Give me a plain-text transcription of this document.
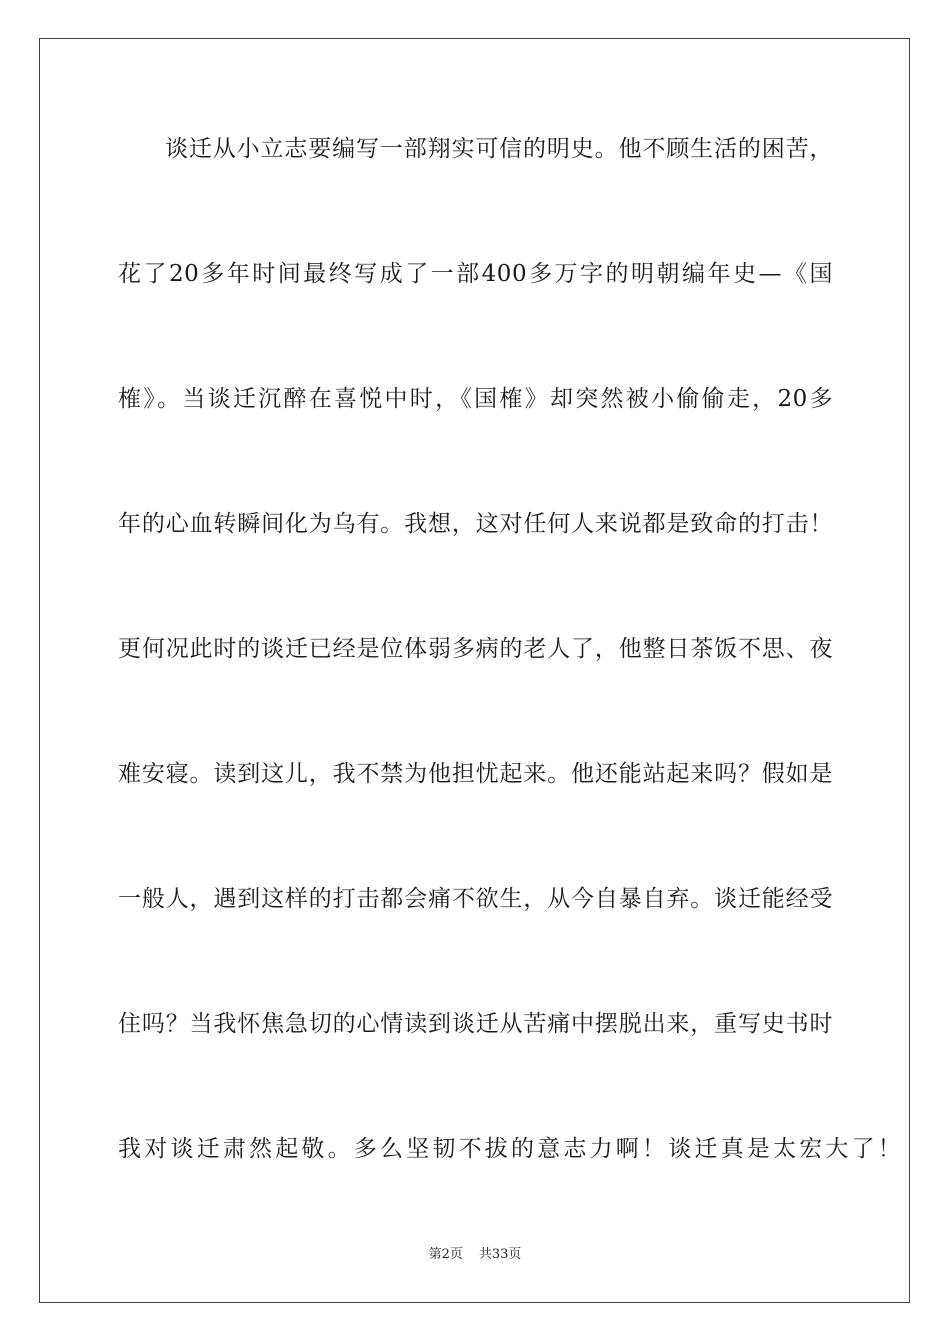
谈迁从小立志要编写一部翔实可信的明史。他不顾生活的困苦，
花了20多年时间最终写成了一部400多万字的明朝编年史—《国
榷》。当谈迁沉醉在喜悦中时，《国榷》却突然被小偷偷走，20多
年的心血转瞬间化为乌有。我想，这对任何人来说都是致命的打击！
更何况此时的谈迁已经是位体弱多病的老人了，他整日茶饭不思、夜
难安寝。读到这儿，我不禁为他担忧起来。他还能站起来吗？假如是
一般人，遇到这样的打击都会痛不欲生，从今自暴自弃。谈迁能经受
住吗？当我怀焦急切的心情读到谈迁从苦痛中摆脱出来，重写史书时
我对谈迁肃然起敬。多么坚韧不拔的意志力啊！谈迁真是太宏大了！
第2页 共33页
